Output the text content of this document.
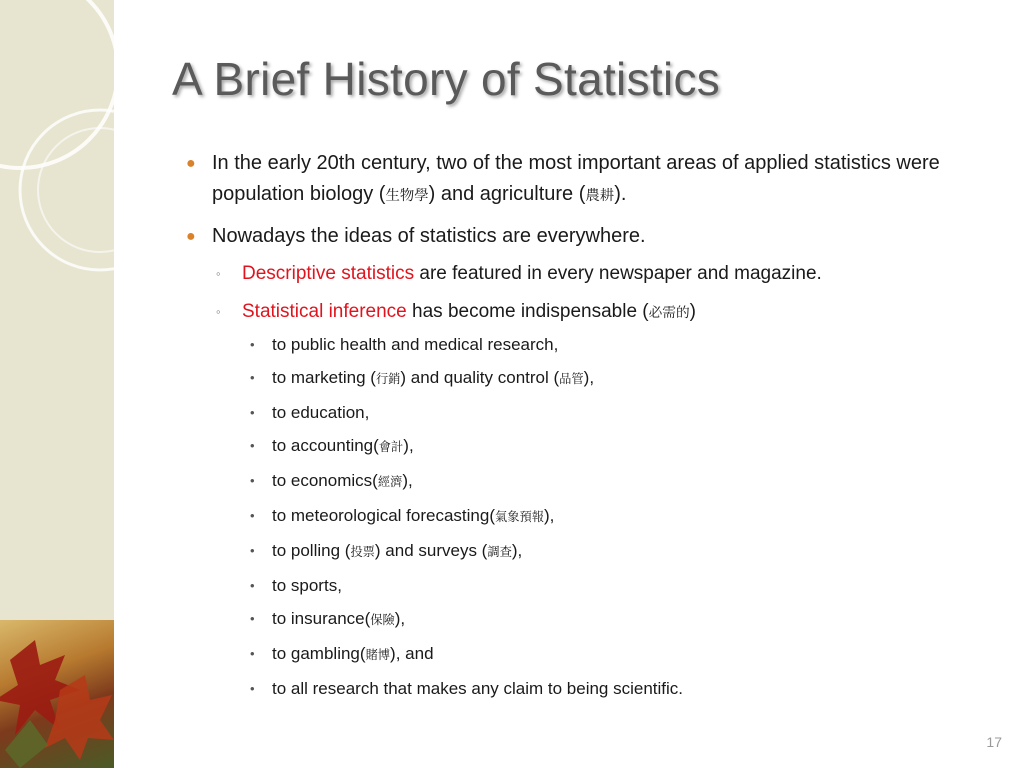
A Brief History of Statistics
● In the early 20th century, two of the most important areas of applied statistics were population biology (生物學) and agriculture (農耕).
● Nowadays the ideas of statistics are everywhere.
◦ Descriptive statistics are featured in every newspaper and magazine.
◦ Statistical inference has become indispensable (必需的)
• to public health and medical research,
• to marketing (行銷) and quality control (品管),
• to education,
• to accounting(會計),
• to economics(經濟),
• to meteorological forecasting(氣象預報),
• to polling (投票) and surveys (調查),
• to sports,
• to insurance(保險),
• to gambling(賭博), and
• to all research that makes any claim to being scientific.
17
